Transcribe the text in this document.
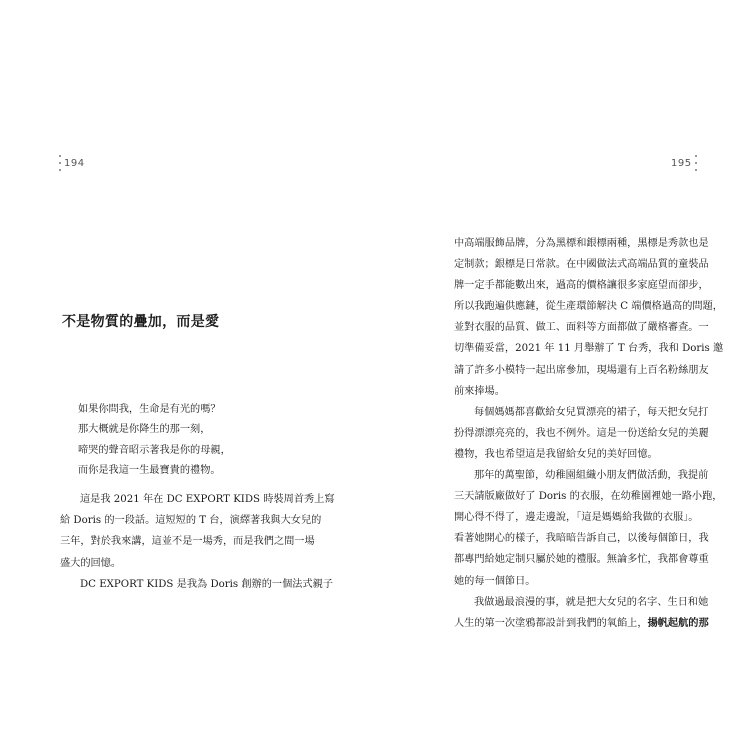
194
不是物質的疊加，而是愛
如果你問我，生命是有光的嗎？
那大概就是你降生的那一刻，
啼哭的聲音昭示著我是你的母親，
而你是我這一生最寶貴的禮物。
這是我 2021 年在 DC EXPORT KIDS 時裝周首秀上寫
給 Doris 的一段話。這短短的 T 台，演繹著我與大女兒的
三年，對於我來講，這並不是一場秀，而是我們之間一場
盛大的回憶。
DC EXPORT KIDS 是我為 Doris 創辦的一個法式親子
195
中高端服飾品牌，分為黑標和銀標兩種，黑標是秀款也是
定制款；銀標是日常款。在中國做法式高端品質的童裝品
牌一定手都能數出來，過高的價格讓很多家庭望而卻步，
所以我跑遍供應鏈，從生產環節解決 C 端價格過高的問題，
並對衣服的品質、做工、面料等方面都做了嚴格審查。一
切準備妥當，2021 年 11 月舉辦了 T 台秀，我和 Doris 邀
請了許多小模特一起出席參加，現場還有上百名粉絲朋友
前來捧場。
每個媽媽都喜歡給女兒買漂亮的裙子，每天把女兒打
扮得漂漂亮亮的，我也不例外。這是一份送給女兒的美麗
禮物，我也希望這是我留給女兒的美好回憶。
那年的萬聖節，幼稚園組織小朋友們做活動，我提前
三天請版廠做好了 Doris 的衣服，在幼稚園裡她一路小跑，
開心得不得了，邊走邊說，「這是媽媽給我做的衣服」。
看著她開心的樣子，我暗暗告訴自己，以後每個節日，我
都專門給她定制只屬於她的禮服。無論多忙，我都會尊重
她的每一個節日。
我做過最浪漫的事，就是把大女兒的名字、生日和她
人生的第一次塗鴉都設計到我們的氧餡上，揚帆起航的那
